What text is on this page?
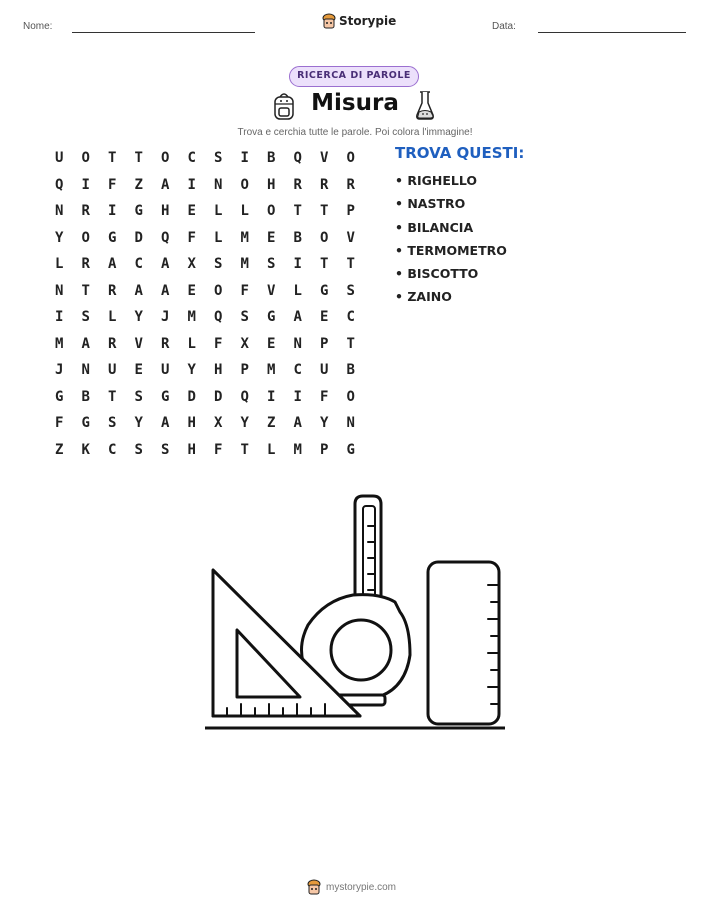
Nome:	Storypie	Data:
RICERCA DI PAROLE
Misura
Trova e cerchia tutte le parole. Poi colora l'immagine!
U	O	T	T	O	C	S	I	B	Q	V	O
Q	I	F	Z	A	I	N	O	H	R	R	R
N	R	I	G	H	E	L	L	O	T	T	P
Y	O	G	D	Q	F	L	M	E	B	O	V
L	R	A	C	A	X	S	M	S	I	T	T
N	T	R	A	A	E	O	F	V	L	G	S
I	S	L	Y	J	M	Q	S	G	A	E	C
M	A	R	V	R	L	F	X	E	N	P	T
J	N	U	E	U	Y	H	P	M	C	U	B
G	B	T	S	G	D	D	Q	I	I	F	O
F	G	S	Y	A	H	X	Y	Z	A	Y	N
Z	K	C	S	S	H	F	T	L	M	P	G
TROVA QUESTI:
• RIGHELLO
• NASTRO
• BILANCIA
• TERMOMETRO
• BISCOTTO
• ZAINO
mystorypie.com
